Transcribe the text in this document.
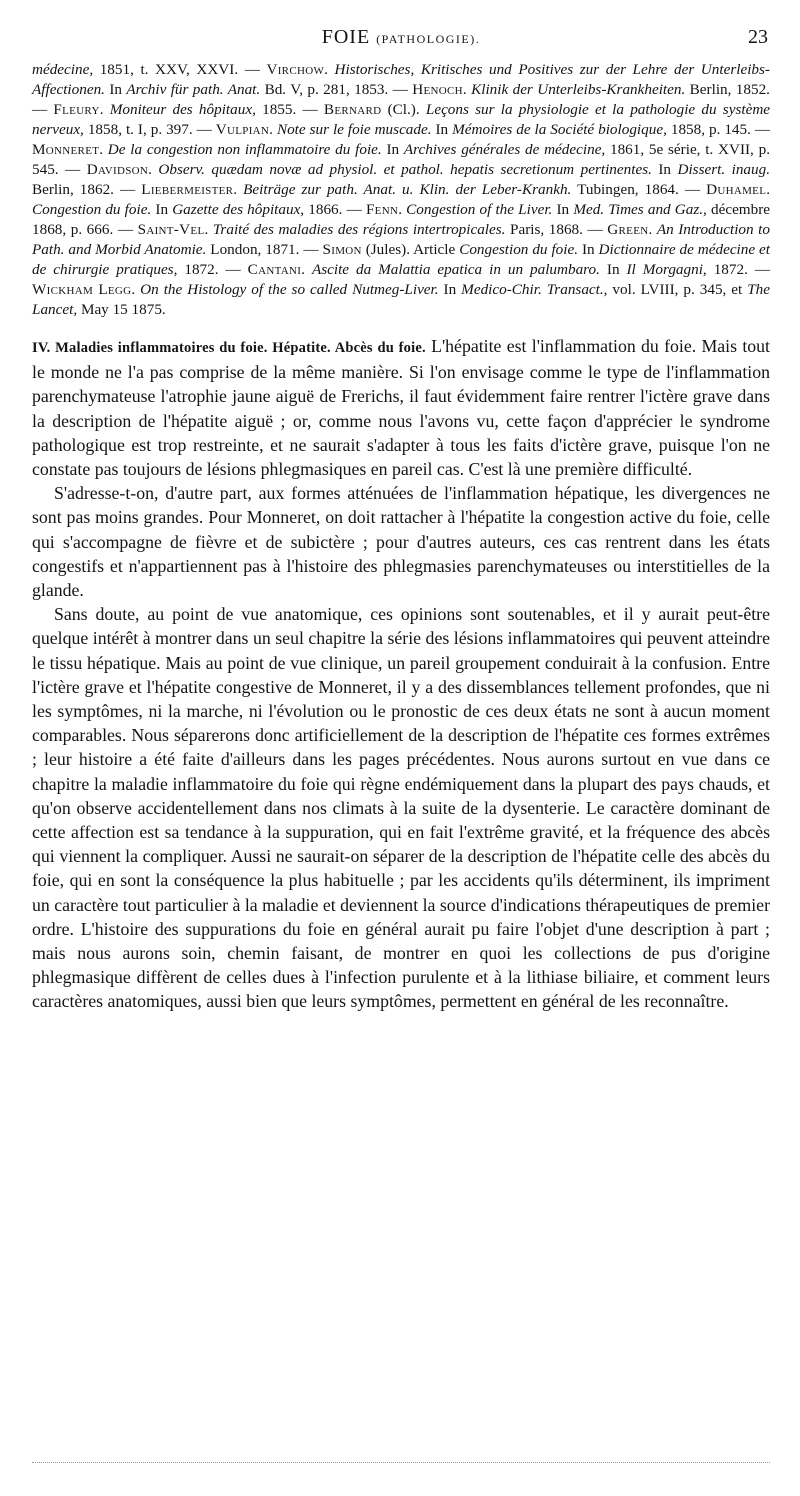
FOIE (PATHOLOGIE).	23
médecine, 1851, t. XXV, XXVI. — Virchow. Historisches, Kritisches und Positives zur der Lehre der Unterleibs-Affectionen. In Archiv für path. Anat. Bd. V, p. 281, 1853. — Henoch. Klinik der Unterleibs-Krankheiten. Berlin, 1852. — Fleury. Moniteur des hôpitaux, 1855. — Bernard (Cl.). Leçons sur la physiologie et la pathologie du système nerveux, 1858, t. I, p. 397. — Vulpian. Note sur le foie muscade. In Mémoires de la Société biologique, 1858, p. 145. — Monneret. De la congestion non inflammatoire du foie. In Archives générales de médecine, 1861, 5e série, t. XVII, p. 545. — Davidson. Observ. quædam novæ ad physiol. et pathol. hepatis secretionum pertinentes. In Dissert. inaug. Berlin, 1862. — Liebermeister. Beiträge zur path. Anat. u. Klin. der Leber-Krankh. Tubingen, 1864. — Duhamel. Congestion du foie. In Gazette des hôpitaux, 1866. — Fenn. Congestion of the Liver. In Med. Times and Gaz., décembre 1868, p. 666. — Saint-Vel. Traité des maladies des régions intertropicales. Paris, 1868. — Green. An Introduction to Path. and Morbid Anatomie. London, 1871. — Simon (Jules). Article Congestion du foie. In Dictionnaire de médecine et de chirurgie pratiques, 1872. — Cantani. Ascite da Malattia epatica in un palumbaro. In Il Morgagni, 1872. — Wickham Legg. On the Histology of the so called Nutmeg-Liver. In Medico-Chir. Transact., vol. LVIII, p. 345, et The Lancet, May 15 1875.

IV. Maladies inflammatoires du foie. Hépatite. Abcès du foie. L'hépatite est l'inflammation du foie. Mais tout le monde ne l'a pas comprise de la même manière. Si l'on envisage comme le type de l'inflammation parenchymateuse l'atrophie jaune aiguë de Frerichs, il faut évidemment faire rentrer l'ictère grave dans la description de l'hépatite aiguë ; or, comme nous l'avons vu, cette façon d'apprécier le syndrome pathologique est trop restreinte, et ne saurait s'adapter à tous les faits d'ictère grave, puisque l'on ne constate pas toujours de lésions phlegmasiques en pareil cas. C'est là une première difficulté.

S'adresse-t-on, d'autre part, aux formes atténuées de l'inflammation hépatique, les divergences ne sont pas moins grandes. Pour Monneret, on doit rattacher à l'hépatite la congestion active du foie, celle qui s'accompagne de fièvre et de subictère ; pour d'autres auteurs, ces cas rentrent dans les états congestifs et n'appartiennent pas à l'histoire des phlegmasies parenchymateuses ou interstitielles de la glande.

Sans doute, au point de vue anatomique, ces opinions sont soutenables, et il y aurait peut-être quelque intérêt à montrer dans un seul chapitre la série des lésions inflammatoires qui peuvent atteindre le tissu hépatique. Mais au point de vue clinique, un pareil groupement conduirait à la confusion. Entre l'ictère grave et l'hépatite congestive de Monneret, il y a des dissemblances tellement profondes, que ni les symptômes, ni la marche, ni l'évolution ou le pronostic de ces deux états ne sont à aucun moment comparables. Nous séparerons donc artificiellement de la description de l'hépatite ces formes extrêmes ; leur histoire a été faite d'ailleurs dans les pages précédentes. Nous aurons surtout en vue dans ce chapitre la maladie inflammatoire du foie qui règne endémiquement dans la plupart des pays chauds, et qu'on observe accidentellement dans nos climats à la suite de la dysenterie. Le caractère dominant de cette affection est sa tendance à la suppuration, qui en fait l'extrême gravité, et la fréquence des abcès qui viennent la compliquer. Aussi ne saurait-on séparer de la description de l'hépatite celle des abcès du foie, qui en sont la conséquence la plus habituelle ; par les accidents qu'ils déterminent, ils impriment un caractère tout particulier à la maladie et deviennent la source d'indications thérapeutiques de premier ordre. L'histoire des suppurations du foie en général aurait pu faire l'objet d'une description à part ; mais nous aurons soin, chemin faisant, de montrer en quoi les collections de pus d'origine phlegmasique diffèrent de celles dues à l'infection purulente et à la lithiase biliaire, et comment leurs caractères anatomiques, aussi bien que leurs symptômes, permettent en général de les reconnaître.
